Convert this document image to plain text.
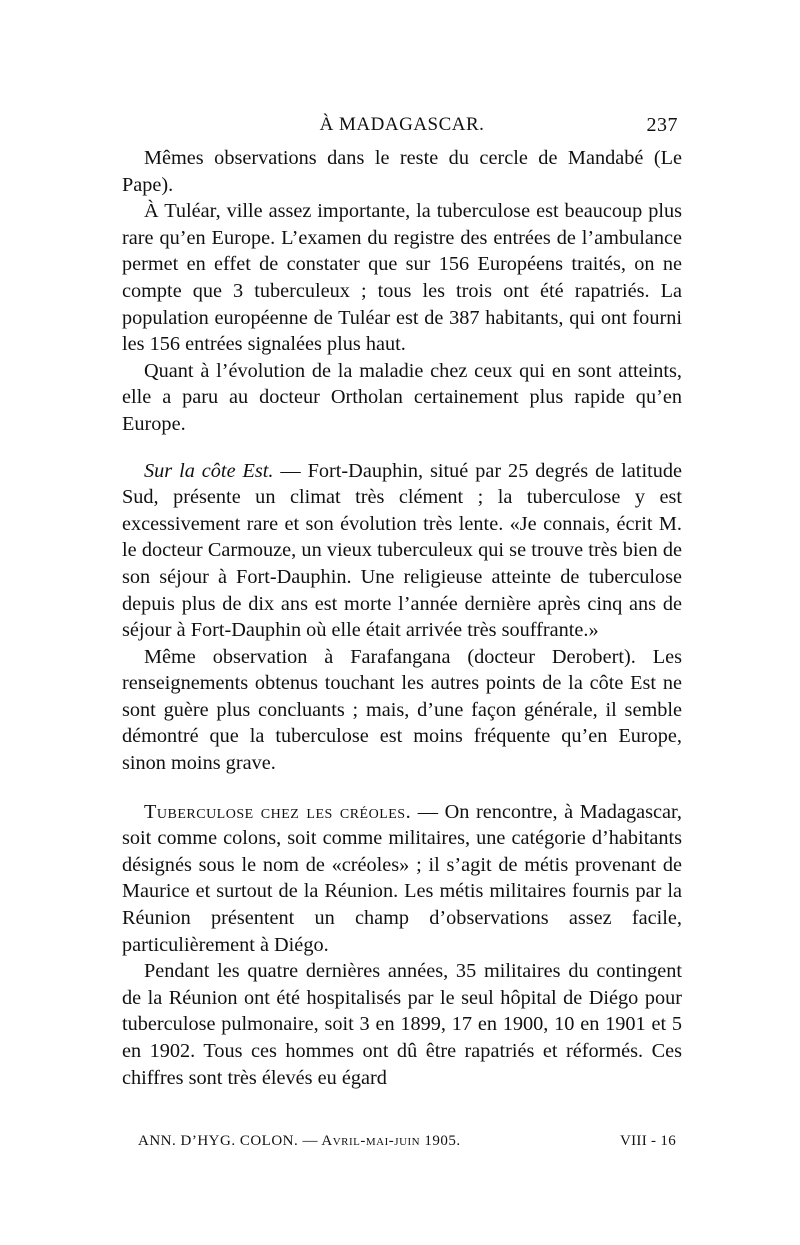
À MADAGASCAR.	237

Mêmes observations dans le reste du cercle de Mandabé (Le Pape).

À Tuléar, ville assez importante, la tuberculose est beaucoup plus rare qu’en Europe. L’examen du registre des entrées de l’ambulance permet en effet de constater que sur 156 Européens traités, on ne compte que 3 tuberculeux ; tous les trois ont été rapatriés. La population européenne de Tuléar est de 387 habitants, qui ont fourni les 156 entrées signalées plus haut.

Quant à l’évolution de la maladie chez ceux qui en sont atteints, elle a paru au docteur Ortholan certainement plus rapide qu’en Europe.

Sur la côte Est. — Fort-Dauphin, situé par 25 degrés de latitude Sud, présente un climat très clément ; la tuberculose y est excessivement rare et son évolution très lente. «Je connais, écrit M. le docteur Carmouze, un vieux tuberculeux qui se trouve très bien de son séjour à Fort-Dauphin. Une religieuse atteinte de tuberculose depuis plus de dix ans est morte l’année dernière après cinq ans de séjour à Fort-Dauphin où elle était arrivée très souffrante.»

Même observation à Farafangana (docteur Derobert). Les renseignements obtenus touchant les autres points de la côte Est ne sont guère plus concluants ; mais, d’une façon générale, il semble démontré que la tuberculose est moins fréquente qu’en Europe, sinon moins grave.

Tuberculose chez les créoles. — On rencontre, à Madagascar, soit comme colons, soit comme militaires, une catégorie d’habitants désignés sous le nom de «créoles» ; il s’agit de métis provenant de Maurice et surtout de la Réunion. Les métis militaires fournis par la Réunion présentent un champ d’observations assez facile, particulièrement à Diégo.

Pendant les quatre dernières années, 35 militaires du contingent de la Réunion ont été hospitalisés par le seul hôpital de Diégo pour tuberculose pulmonaire, soit 3 en 1899, 17 en 1900, 10 en 1901 et 5 en 1902. Tous ces hommes ont dû être rapatriés et réformés. Ces chiffres sont très élevés eu égard

ANN. D’HYG. COLON. — Avril-mai-juin 1905.	VIII - 16
